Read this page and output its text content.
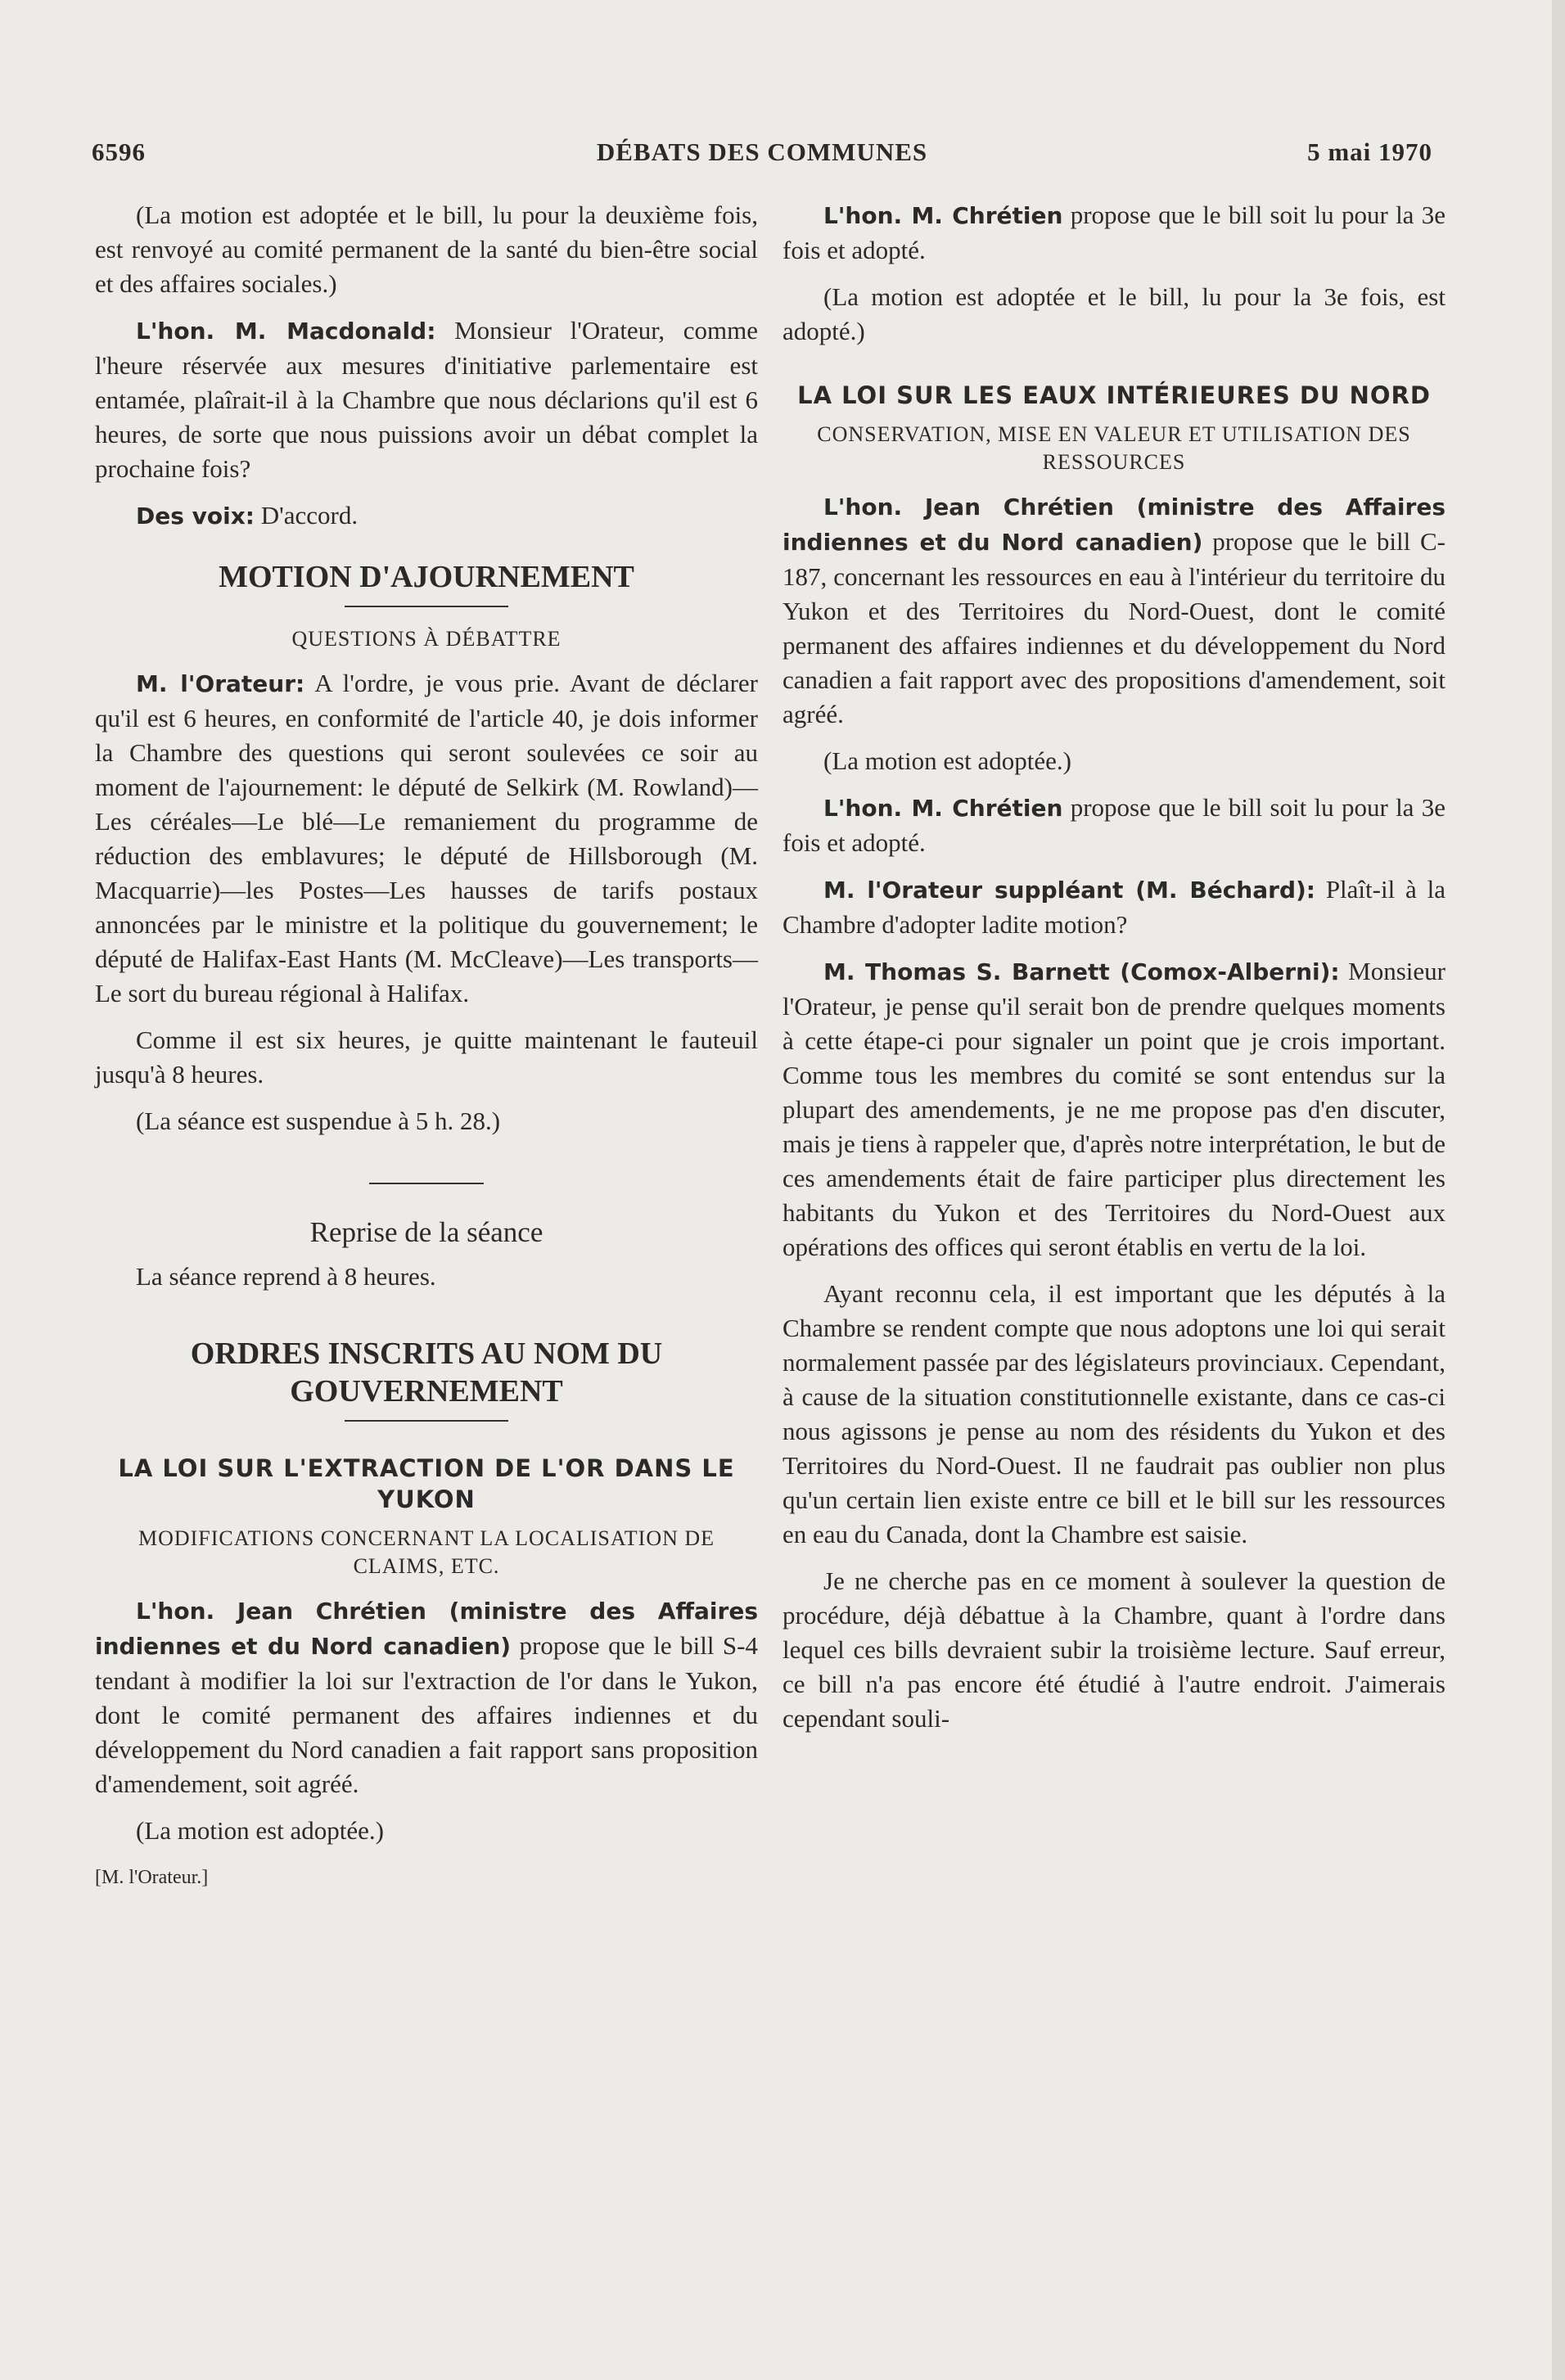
6596	DÉBATS DES COMMUNES	5 mai 1970

(La motion est adoptée et le bill, lu pour la deuxième fois, est renvoyé au comité permanent de la santé du bien-être social et des affaires sociales.)

L'hon. M. Macdonald: Monsieur l'Orateur, comme l'heure réservée aux mesures d'initiative parlementaire est entamée, plaîrait-il à la Chambre que nous déclarions qu'il est 6 heures, de sorte que nous puissions avoir un débat complet la prochaine fois?

Des voix: D'accord.

MOTION D'AJOURNEMENT
QUESTIONS À DÉBATTRE

M. l'Orateur: A l'ordre, je vous prie. Avant de déclarer qu'il est 6 heures, en conformité de l'article 40, je dois informer la Chambre des questions qui seront soulevées ce soir au moment de l'ajournement: le député de Selkirk (M. Rowland)—Les céréales—Le blé—Le remaniement du programme de réduction des emblavures; le député de Hillsborough (M. Macquarrie)—les Postes—Les hausses de tarifs postaux annoncées par le ministre et la politique du gouvernement; le député de Halifax-East Hants (M. McCleave)—Les transports—Le sort du bureau régional à Halifax.

Comme il est six heures, je quitte maintenant le fauteuil jusqu'à 8 heures.

(La séance est suspendue à 5 h. 28.)

Reprise de la séance

La séance reprend à 8 heures.

ORDRES INSCRITS AU NOM DU GOUVERNEMENT
LA LOI SUR L'EXTRACTION DE L'OR DANS LE YUKON
MODIFICATIONS CONCERNANT LA LOCALISATION DE CLAIMS, ETC.

L'hon. Jean Chrétien (ministre des Affaires indiennes et du Nord canadien) propose que le bill S-4 tendant à modifier la loi sur l'extraction de l'or dans le Yukon, dont le comité permanent des affaires indiennes et du développement du Nord canadien a fait rapport sans proposition d'amendement, soit agréé.

(La motion est adoptée.)

[M. l'Orateur.]

L'hon. M. Chrétien propose que le bill soit lu pour la 3e fois et adopté.

(La motion est adoptée et le bill, lu pour la 3e fois, est adopté.)

LA LOI SUR LES EAUX INTÉRIEURES DU NORD
CONSERVATION, MISE EN VALEUR ET UTILISATION DES RESSOURCES

L'hon. Jean Chrétien (ministre des Affaires indiennes et du Nord canadien) propose que le bill C-187, concernant les ressources en eau à l'intérieur du territoire du Yukon et des Territoires du Nord-Ouest, dont le comité permanent des affaires indiennes et du développement du Nord canadien a fait rapport avec des propositions d'amendement, soit agréé.

(La motion est adoptée.)

L'hon. M. Chrétien propose que le bill soit lu pour la 3e fois et adopté.

M. l'Orateur suppléant (M. Béchard): Plaît-il à la Chambre d'adopter ladite motion?

M. Thomas S. Barnett (Comox-Alberni): Monsieur l'Orateur, je pense qu'il serait bon de prendre quelques moments à cette étape-ci pour signaler un point que je crois important. Comme tous les membres du comité se sont entendus sur la plupart des amendements, je ne me propose pas d'en discuter, mais je tiens à rappeler que, d'après notre interprétation, le but de ces amendements était de faire participer plus directement les habitants du Yukon et des Territoires du Nord-Ouest aux opérations des offices qui seront établis en vertu de la loi.

Ayant reconnu cela, il est important que les députés à la Chambre se rendent compte que nous adoptons une loi qui serait normalement passée par des législateurs provinciaux. Cependant, à cause de la situation constitutionnelle existante, dans ce cas-ci nous agissons je pense au nom des résidents du Yukon et des Territoires du Nord-Ouest. Il ne faudrait pas oublier non plus qu'un certain lien existe entre ce bill et le bill sur les ressources en eau du Canada, dont la Chambre est saisie.

Je ne cherche pas en ce moment à soulever la question de procédure, déjà débattue à la Chambre, quant à l'ordre dans lequel ces bills devraient subir la troisième lecture. Sauf erreur, ce bill n'a pas encore été étudié à l'autre endroit. J'aimerais cependant souli-
